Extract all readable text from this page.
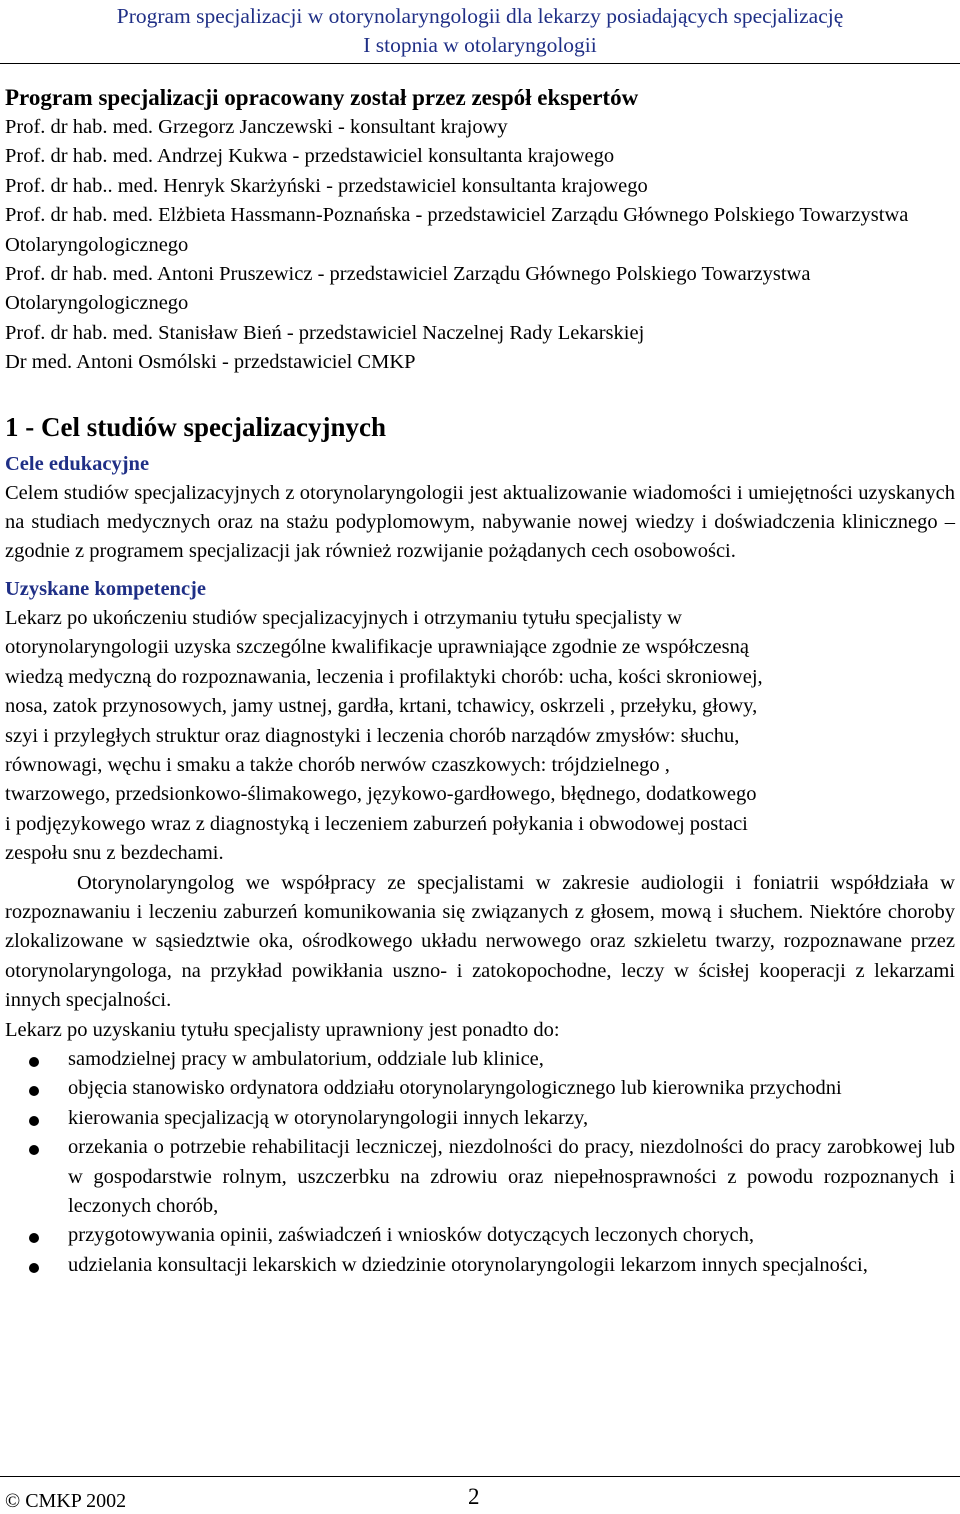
Program specjalizacji w otorynolaryngologii dla lekarzy posiadających specjalizację
I stopnia w otolaryngologii

Program specjalizacji opracowany został przez zespół ekspertów

Prof. dr hab. med. Grzegorz Janczewski - konsultant krajowy

Prof. dr hab. med. Andrzej Kukwa - przedstawiciel konsultanta krajowego

Prof. dr hab.. med. Henryk Skarżyński - przedstawiciel konsultanta krajowego

Prof. dr hab. med. Elżbieta Hassmann-Poznańska - przedstawiciel Zarządu Głównego Polskiego Towarzystwa Otolaryngologicznego

Prof. dr hab. med. Antoni Pruszewicz - przedstawiciel Zarządu Głównego Polskiego Towarzystwa Otolaryngologicznego

Prof. dr hab. med. Stanisław Bień - przedstawiciel Naczelnej Rady Lekarskiej

Dr med. Antoni Osmólski - przedstawiciel CMKP

1 - Cel studiów specjalizacyjnych
Cele edukacyjne

Celem studiów specjalizacyjnych z otorynolaryngologii jest aktualizowanie wiadomości i umiejętności uzyskanych na studiach medycznych oraz na stażu podyplomowym, nabywanie nowej wiedzy i doświadczenia klinicznego – zgodnie z programem specjalizacji jak również rozwijanie pożądanych cech osobowości.

Uzyskane kompetencje
Lekarz po ukończeniu studiów specjalizacyjnych i otrzymaniu tytułu specjalisty w
otorynolaryngologii uzyska szczególne kwalifikacje uprawniające zgodnie ze współczesną
wiedzą medyczną do rozpoznawania, leczenia i profilaktyki chorób: ucha, kości skroniowej,
nosa, zatok przynosowych, jamy ustnej, gardła, krtani, tchawicy, oskrzeli , przełyku, głowy,
szyi i przyległych struktur oraz diagnostyki i leczenia chorób narządów zmysłów: słuchu,
równowagi, węchu i smaku a także chorób nerwów czaszkowych: trójdzielnego ,
twarzowego, przedsionkowo-ślimakowego, językowo-gardłowego, błędnego, dodatkowego
i podjęzykowego wraz z diagnostyką i leczeniem zaburzeń połykania i obwodowej postaci
zespołu snu z bezdechami.

Otorynolaryngolog we współpracy ze specjalistami w zakresie audiologii i foniatrii współdziała w rozpoznawaniu i leczeniu zaburzeń komunikowania się związanych z głosem, mową i słuchem. Niektóre choroby zlokalizowane w sąsiedztwie oka, ośrodkowego układu nerwowego oraz szkieletu twarzy, rozpoznawane przez otorynolaryngologa, na przykład powikłania uszno- i zatokopochodne, leczy w ścisłej kooperacji z lekarzami innych specjalności.

Lekarz po uzyskaniu tytułu specjalisty uprawniony jest ponadto do:

samodzielnej pracy w ambulatorium, oddziale lub klinice,
objęcia stanowisko ordynatora oddziału otorynolaryngologicznego lub kierownika przychodni
kierowania specjalizacją w otorynolaryngologii innych lekarzy,
orzekania o potrzebie rehabilitacji leczniczej, niezdolności do pracy, niezdolności do pracy zarobkowej lub w gospodarstwie rolnym, uszczerbku na zdrowiu oraz niepełnosprawności z powodu rozpoznanych i leczonych chorób,
przygotowywania opinii, zaświadczeń i wniosków dotyczących leczonych chorych,
udzielania konsultacji lekarskich w dziedzinie otorynolaryngologii lekarzom innych specjalności,
© CMKP 2002	2
